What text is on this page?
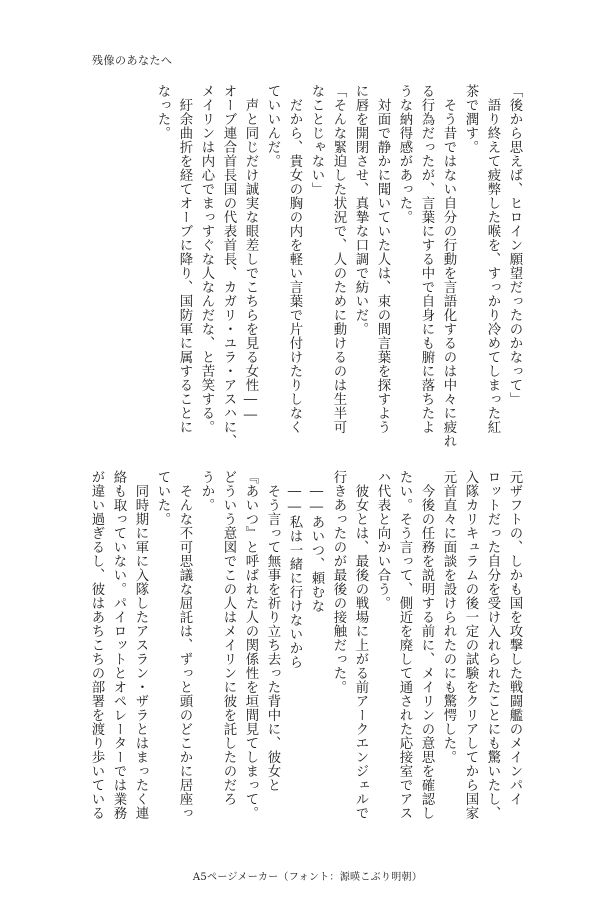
残像のあなたへ
「後から思えば、ヒロイン願望だったのかなって」
　語り終えて疲弊した喉を、すっかり冷めてしまった紅
茶で潤す。
　そう昔ではない自分の行動を言語化するのは中々に疲れ
る行為だったが、言葉にする中で自身にも腑に落ちたよ
うな納得感があった。
　対面で静かに聞いていた人は、束の間言葉を探すよう
に唇を開閉させ、真摯な口調で紡いだ。
「そんな緊迫した状況で、人のために動けるのは生半可
なことじゃない」
　だから、貴女の胸の内を軽い言葉で片付けたりしなく
ていいんだ。
　声と同じだけ誠実な眼差しでこちらを見る女性――
オーブ連合首長国の代表首長、カガリ・ユラ・アスハに、
メイリンは内心でまっすぐな人なんだな、と苦笑する。
　紆余曲折を経てオーブに降り、国防軍に属することに
なった。
元ザフトの、しかも国を攻撃した戦闘艦のメインパイ
ロットだった自分を受け入れられたことにも驚いたし、
入隊カリキュラムの後一定の試験をクリアしてから国家
元首直々に面談を設けられたのにも驚愕した。
　今後の任務を説明する前に、メイリンの意思を確認し
たい。そう言って、側近を廃して通された応接室でアス
ハ代表と向かい合う。
　彼女とは、最後の戦場に上がる前アークエンジェルで
行きあったのが最後の接触だった。
　――あいつ、頼むな
　――私は一緒に行けないから
　そう言って無事を祈り立ち去った背中に、彼女と
『あいつ』と呼ばれた人の関係性を垣間見てしまって。
どういう意図でこの人はメイリンに彼を託したのだろ
うか。
　そんな不可思議な屈託は、ずっと頭のどこかに居座っ
ていた。
　同時期に軍に入隊したアスラン・ザラとはまったく連
絡も取っていない。パイロットとオペレーターでは業務
が違い過ぎるし、彼はあちこちの部署を渡り歩いている
A5ページメーカー（フォント：源暎こぶり明朝）
